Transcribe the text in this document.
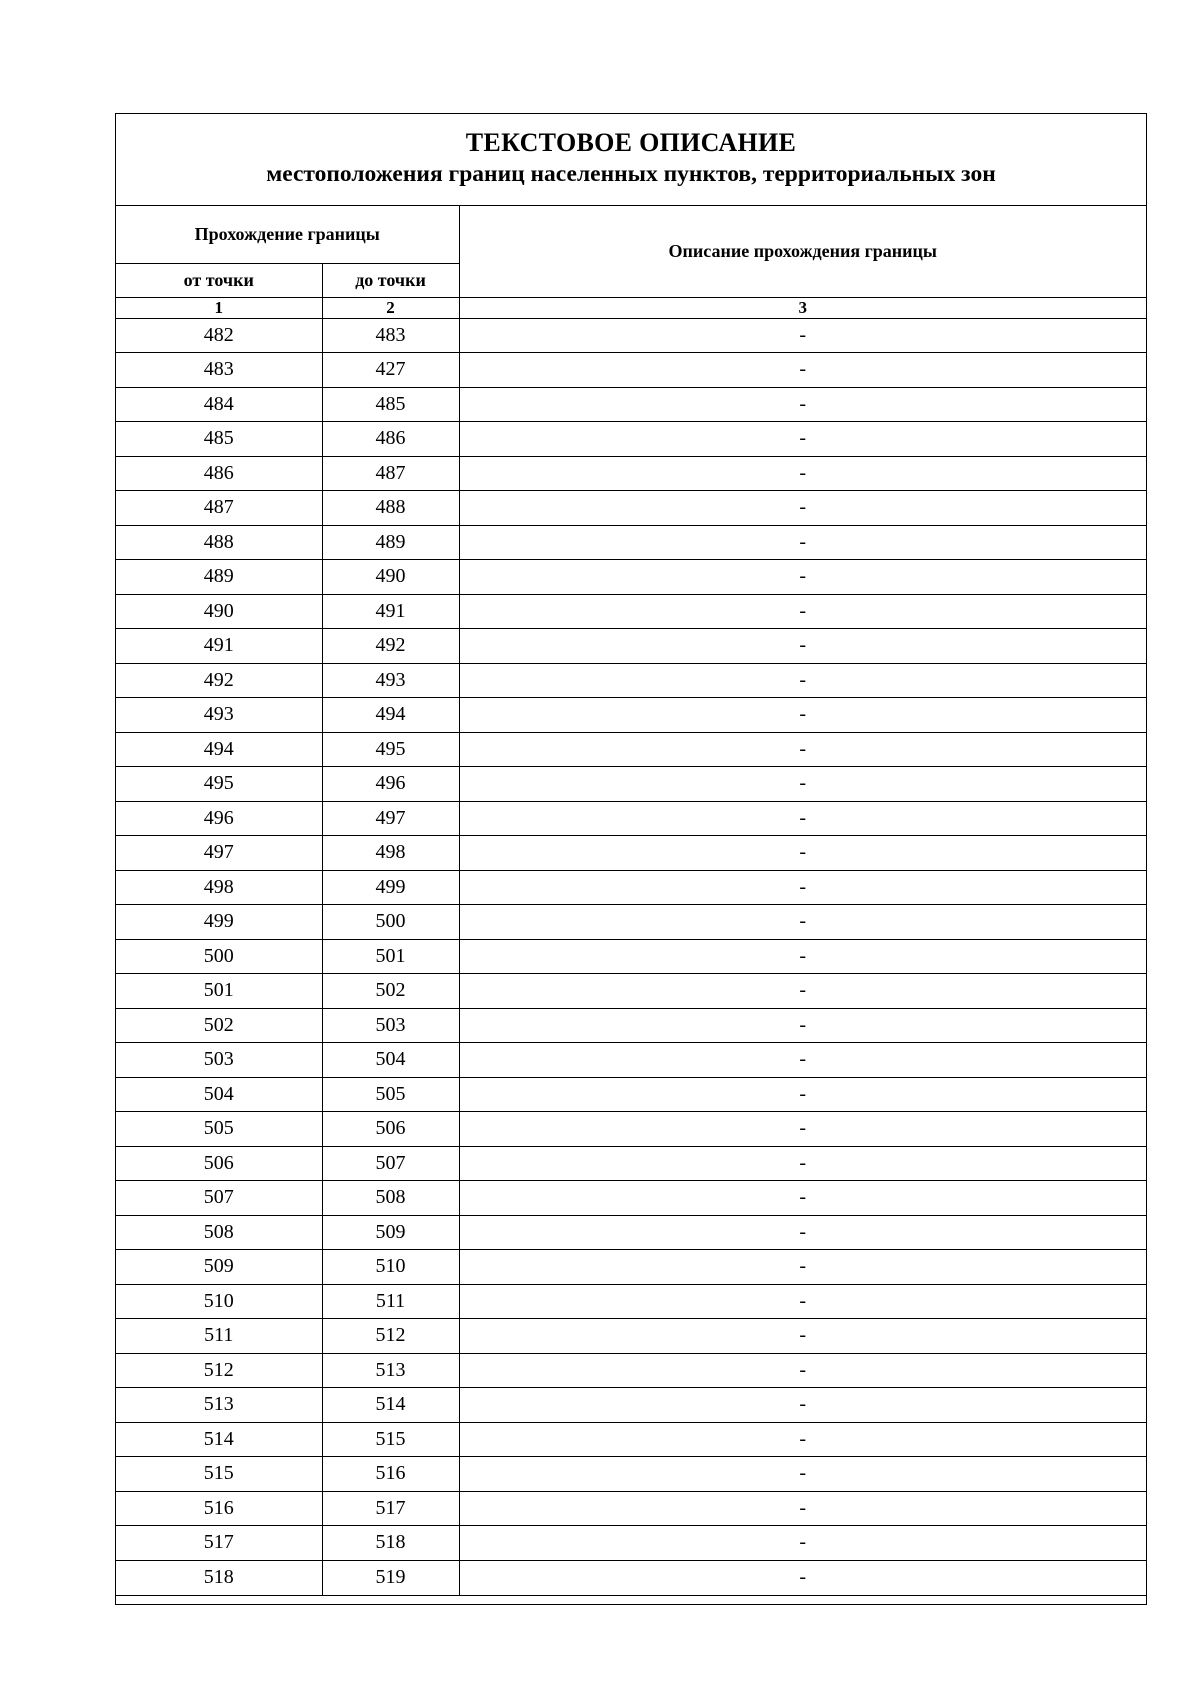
ТЕКСТОВОЕ ОПИСАНИЕ
местоположения границ населенных пунктов, территориальных зон
Прохождение границы		Описание прохождения границы
от точки	до точки	
1	2	3
482	483	-
483	427	-
484	485	-
485	486	-
486	487	-
487	488	-
488	489	-
489	490	-
490	491	-
491	492	-
492	493	-
493	494	-
494	495	-
495	496	-
496	497	-
497	498	-
498	499	-
499	500	-
500	501	-
501	502	-
502	503	-
503	504	-
504	505	-
505	506	-
506	507	-
507	508	-
508	509	-
509	510	-
510	511	-
511	512	-
512	513	-
513	514	-
514	515	-
515	516	-
516	517	-
517	518	-
518	519	-
